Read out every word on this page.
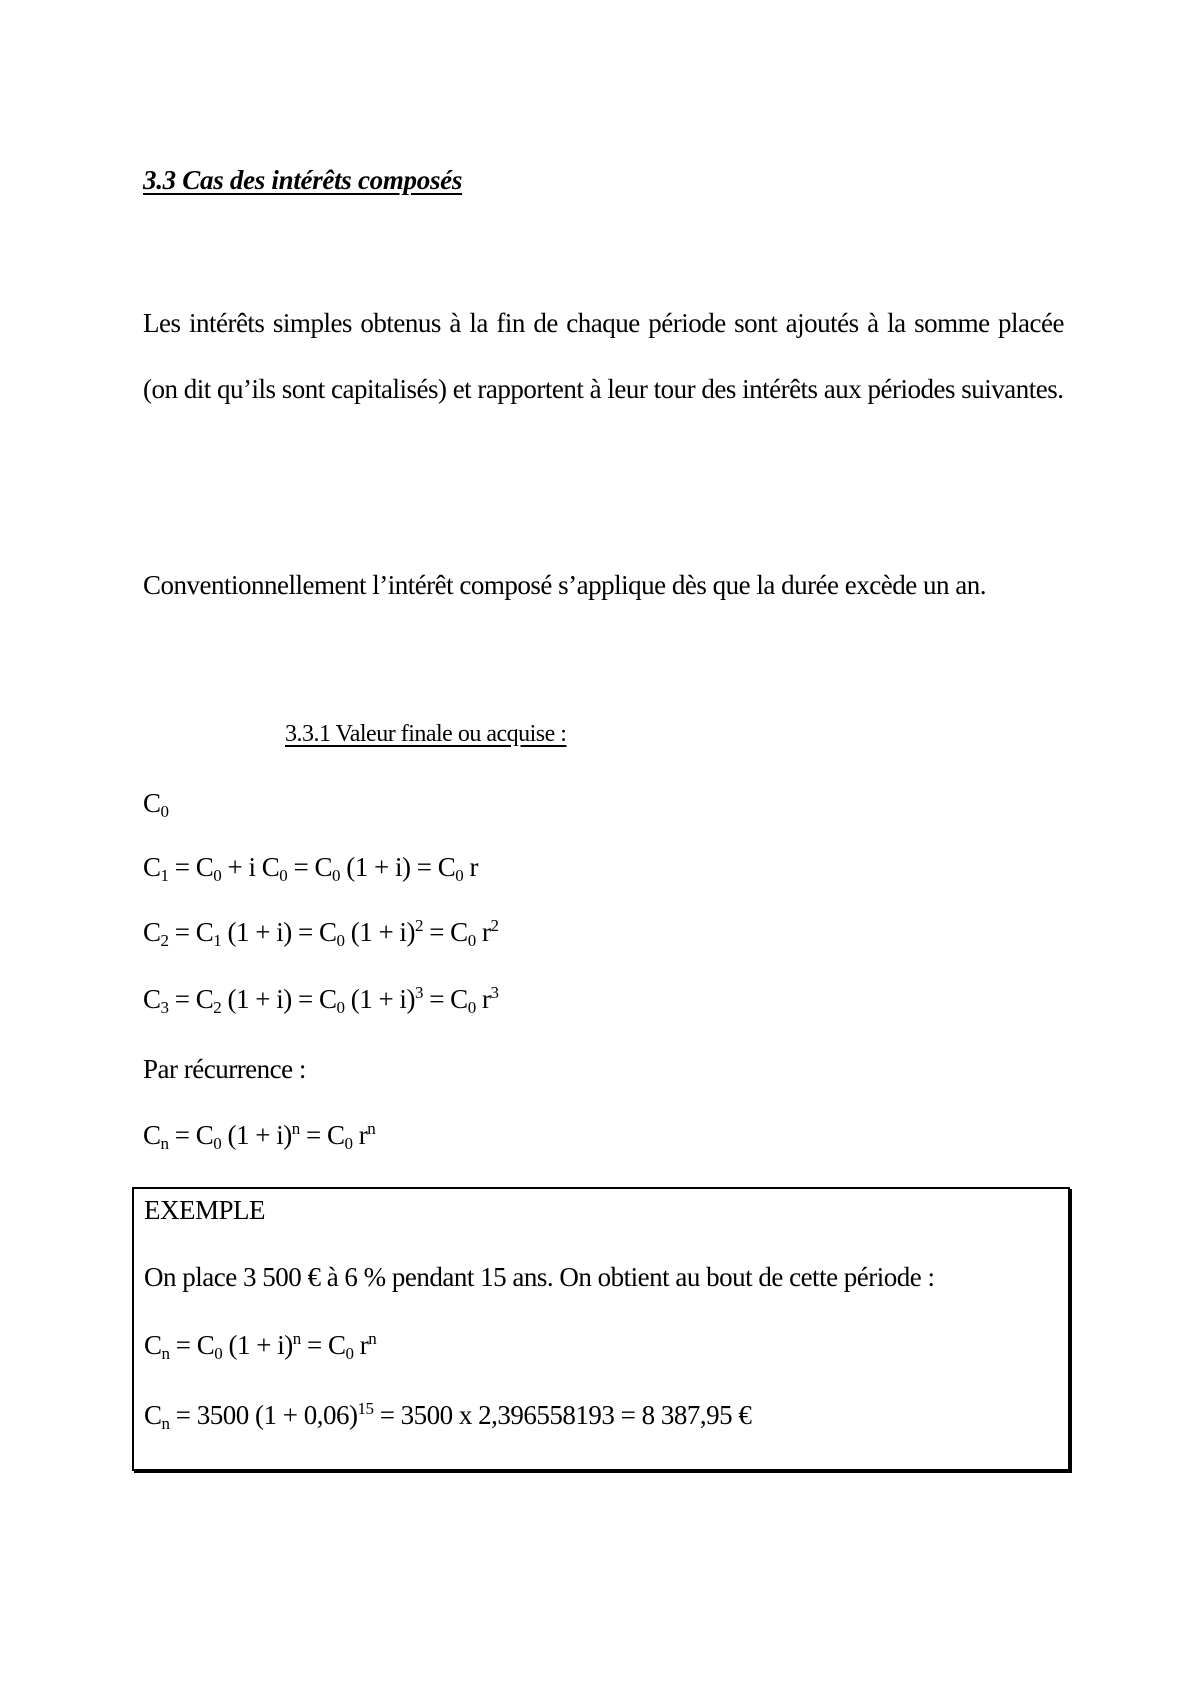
3.3 Cas des intérêts composés
Les intérêts simples obtenus à la fin de chaque période sont ajoutés à la somme placée (on dit qu’ils sont capitalisés) et rapportent à leur tour des intérêts aux périodes suivantes.
Conventionnellement l’intérêt composé s’applique dès que la durée excède un an.
3.3.1 Valeur finale ou acquise :
$C_0$
$C_1 = C_0 + i$ $C_0 = C_0$ $(1 + i) = C_0$ r
$C_2 = C_1$ $(1 + i) = C_0$ $(1 + i)^2 = C_0$ $r^2$
$C_3 = C_2$ $(1 + i) = C_0$ $(1 + i)^3 = C_0$ $r^3$
Par récurrence :
$C_n = C_0$ $(1 + i)^n = C_0$ $r^n$
EXEMPLE
On place 3 500 € à 6 % pendant 15 ans. On obtient au bout de cette période :
$C_n = C_0$ $(1 + i)^n = C_0$ $r^n$
$C_n = 3500$ $(1 + 0,06)^{15} = 3500$ x 2,396558193 = 8 387,95 €
